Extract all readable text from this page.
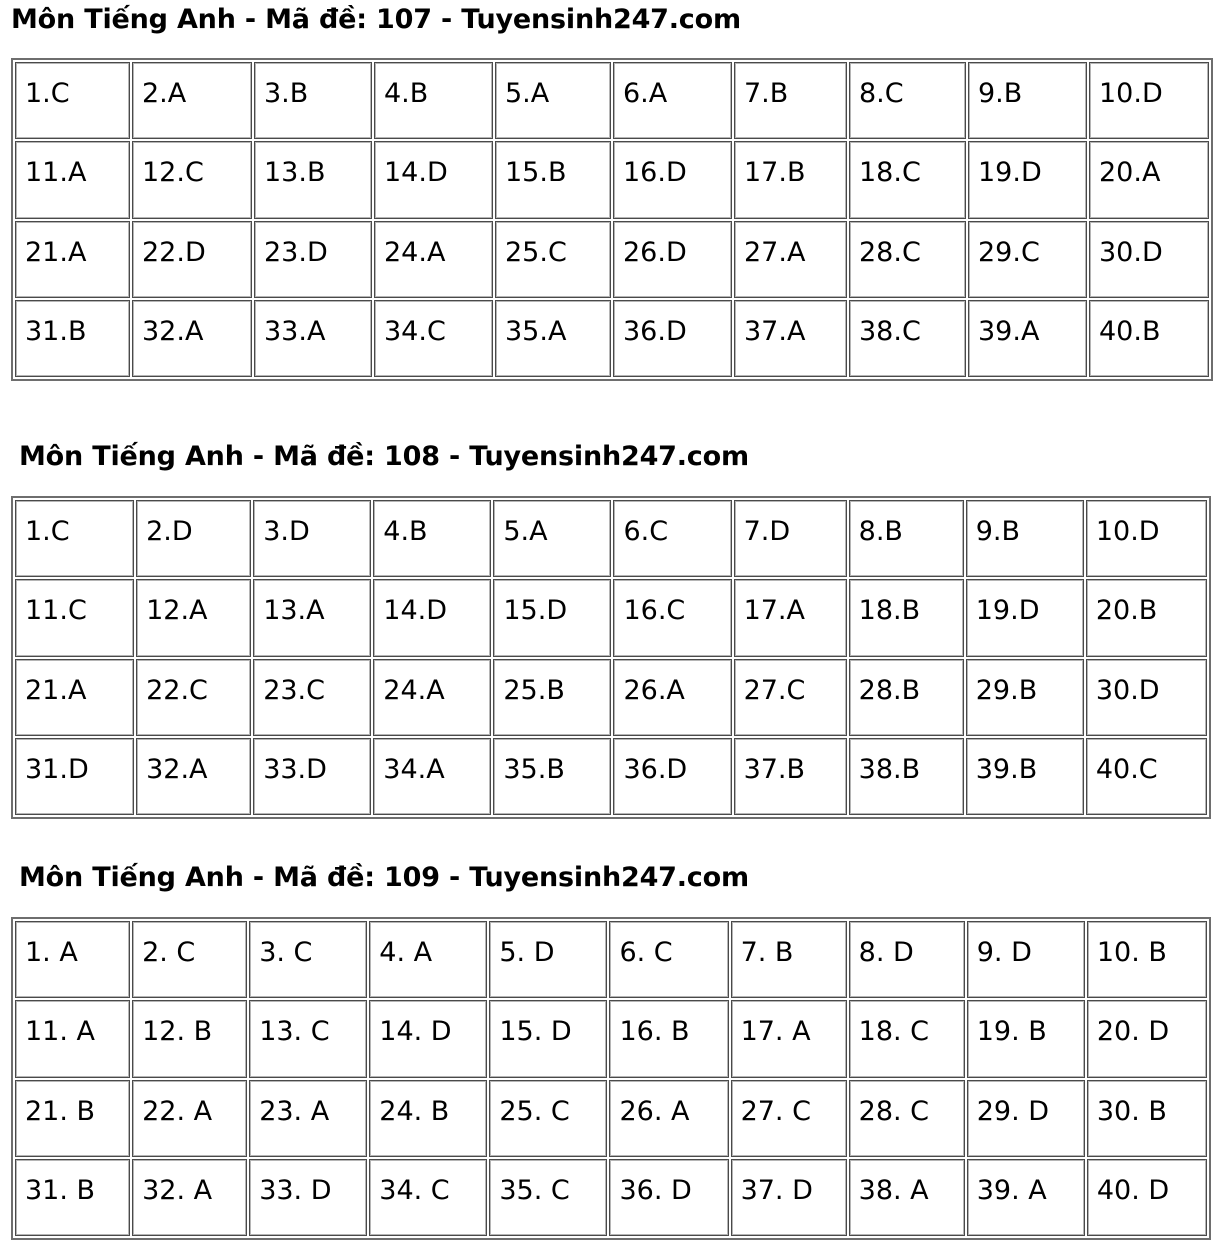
Môn Tiếng Anh - Mã đề: 107 - Tuyensinh247.com
1.C	2.A	3.B	4.B	5.A	6.A	7.B	8.C	9.B	10.D

11.A	12.C	13.B	14.D	15.B	16.D	17.B	18.C	19.D	20.A

21.A	22.D	23.D	24.A	25.C	26.D	27.A	28.C	29.C	30.D

31.B	32.A	33.A	34.C	35.A	36.D	37.A	38.C	39.A	40.B
Môn Tiếng Anh - Mã đề: 108 - Tuyensinh247.com
1.C	2.D	3.D	4.B	5.A	6.C	7.D	8.B	9.B	10.D

11.C	12.A	13.A	14.D	15.D	16.C	17.A	18.B	19.D	20.B

21.A	22.C	23.C	24.A	25.B	26.A	27.C	28.B	29.B	30.D

31.D	32.A	33.D	34.A	35.B	36.D	37.B	38.B	39.B	40.C
Môn Tiếng Anh - Mã đề: 109 - Tuyensinh247.com
1. A	2. C	3. C	4. A	5. D	6. C	7. B	8. D	9. D	10. B

11. A	12. B	13. C	14. D	15. D	16. B	17. A	18. C	19. B	20. D

21. B	22. A	23. A	24. B	25. C	26. A	27. C	28. C	29. D	30. B

31. B	32. A	33. D	34. C	35. C	36. D	37. D	38. A	39. A	40. D
